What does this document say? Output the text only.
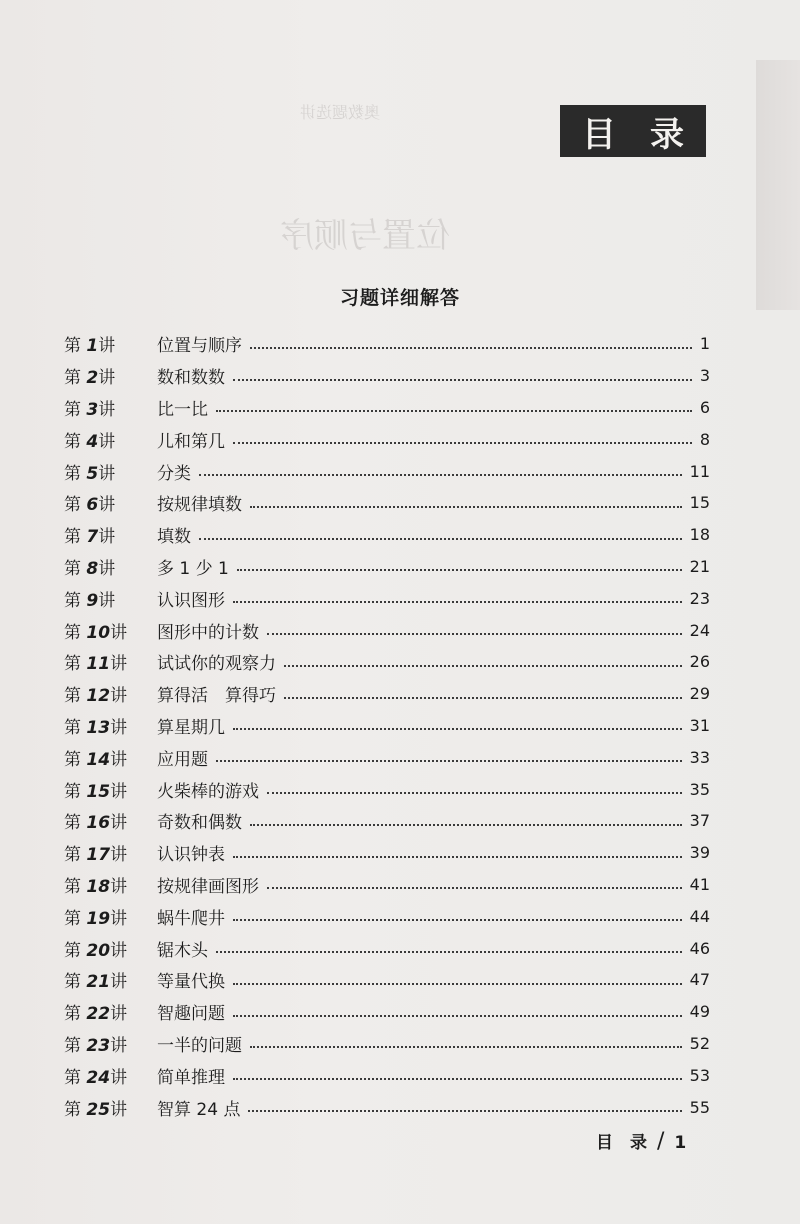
位置与顺序
奥数题选讲
目 录
习题详细解答
第 1讲	位置与顺序	1
第 2讲	数和数数	3
第 3讲	比一比	6
第 4讲	儿和第几	8
第 5讲	分类	11
第 6讲	按规律填数	15
第 7讲	填数	18
第 8讲	多 1 少 1	21
第 9讲	认识图形	23
第 10讲	图形中的计数	24
第 11讲	试试你的观察力	26
第 12讲	算得活　算得巧	29
第 13讲	算星期几	31
第 14讲	应用题	33
第 15讲	火柴棒的游戏	35
第 16讲	奇数和偶数	37
第 17讲	认识钟表	39
第 18讲	按规律画图形	41
第 19讲	蜗牛爬井	44
第 20讲	锯木头	46
第 21讲	等量代换	47
第 22讲	智趣问题	49
第 23讲	一半的问题	52
第 24讲	简单推理	53
第 25讲	智算 24 点	55
目　录 / 1
